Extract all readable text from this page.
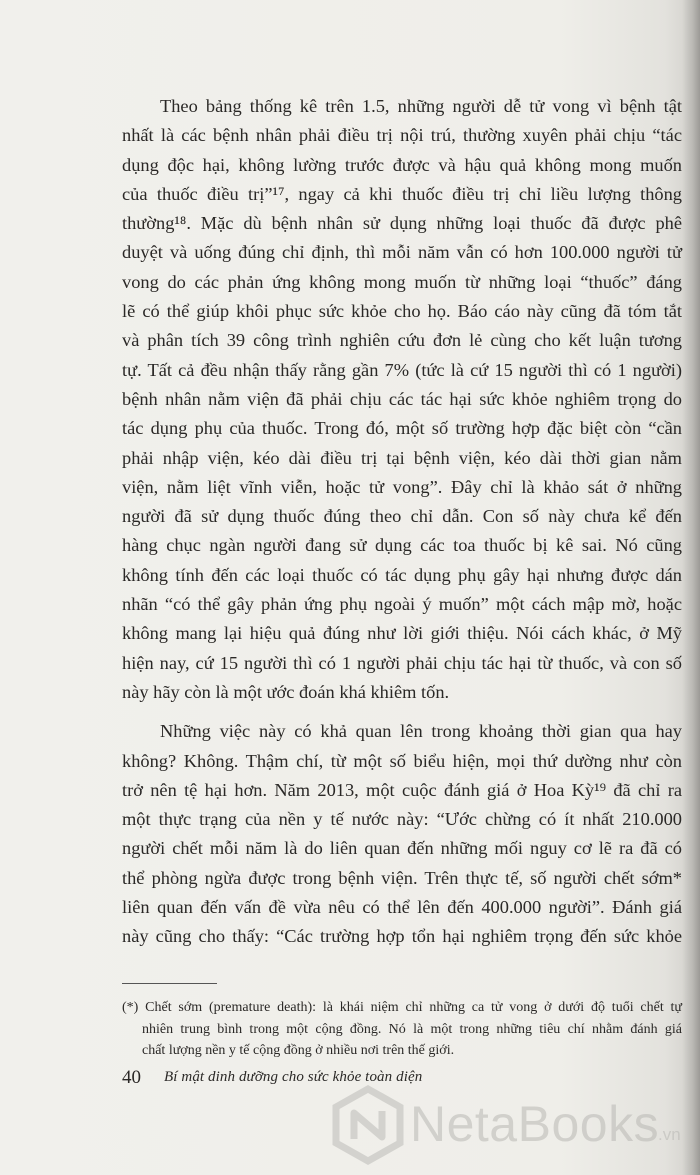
Theo bảng thống kê trên 1.5, những người dễ tử vong vì bệnh tật

nhất là các bệnh nhân phải điều trị nội trú, thường xuyên phải chịu “tác

dụng độc hại, không lường trước được và hậu quả không mong muốn

của thuốc điều trị”¹⁷, ngay cả khi thuốc điều trị chỉ liều lượng thông

thường¹⁸. Mặc dù bệnh nhân sử dụng những loại thuốc đã được phê

duyệt và uống đúng chỉ định, thì mỗi năm vẫn có hơn 100.000 người tử

vong do các phản ứng không mong muốn từ những loại “thuốc” đáng

lẽ có thể giúp khôi phục sức khỏe cho họ. Báo cáo này cũng đã tóm tắt

và phân tích 39 công trình nghiên cứu đơn lẻ cùng cho kết luận tương

tự. Tất cả đều nhận thấy rằng gần 7% (tức là cứ 15 người thì có 1 người)

bệnh nhân nằm viện đã phải chịu các tác hại sức khỏe nghiêm trọng do

tác dụng phụ của thuốc. Trong đó, một số trường hợp đặc biệt còn “cần

phải nhập viện, kéo dài điều trị tại bệnh viện, kéo dài thời gian nằm

viện, nằm liệt vĩnh viễn, hoặc tử vong”. Đây chỉ là khảo sát ở những

người đã sử dụng thuốc đúng theo chỉ dẫn. Con số này chưa kể đến

hàng chục ngàn người đang sử dụng các toa thuốc bị kê sai. Nó cũng

không tính đến các loại thuốc có tác dụng phụ gây hại nhưng được dán

nhãn “có thể gây phản ứng phụ ngoài ý muốn” một cách mập mờ, hoặc

không mang lại hiệu quả đúng như lời giới thiệu. Nói cách khác, ở Mỹ

hiện nay, cứ 15 người thì có 1 người phải chịu tác hại từ thuốc, và con số

này hãy còn là một ước đoán khá khiêm tốn.

Những việc này có khả quan lên trong khoảng thời gian qua hay

không? Không. Thậm chí, từ một số biểu hiện, mọi thứ dường như còn

trở nên tệ hại hơn. Năm 2013, một cuộc đánh giá ở Hoa Kỳ¹⁹ đã chỉ ra

một thực trạng của nền y tế nước này: “Ước chừng có ít nhất 210.000

người chết mỗi năm là do liên quan đến những mối nguy cơ lẽ ra đã có

thể phòng ngừa được trong bệnh viện. Trên thực tế, số người chết sớm*

liên quan đến vấn đề vừa nêu có thể lên đến 400.000 người”. Đánh giá

này cũng cho thấy: “Các trường hợp tổn hại nghiêm trọng đến sức khỏe

(*) Chết sớm (premature death): là khái niệm chỉ những ca tử vong ở dưới độ tuổi chết tự

nhiên trung bình trong một cộng đồng. Nó là một trong những tiêu chí nhằm đánh giá

chất lượng nền y tế cộng đồng ở nhiều nơi trên thế giới.

40 Bí mật dinh dưỡng cho sức khỏe toàn diện
NetaBooks
.vn
